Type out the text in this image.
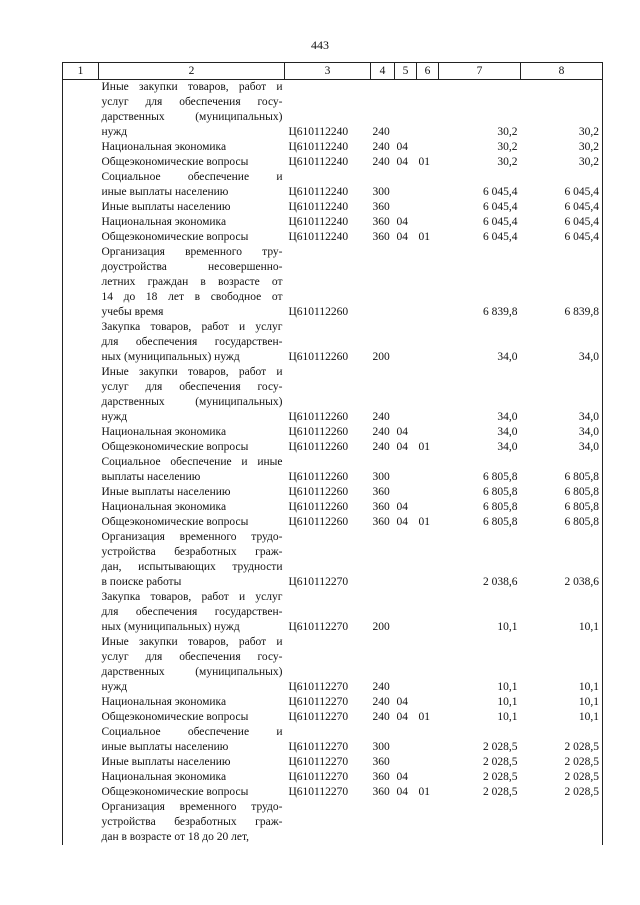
443
1	2	3	4	5	6	7	8

	Иные закупки товаров, работ и
услуг для обеспечения госу-
дарственных (муниципальных)
нужд	Ц610112240	240			30,2	30,2

	Национальная экономика	Ц610112240	240	04		30,2	30,2

	Общеэкономические вопросы	Ц610112240	240	04	01	30,2	30,2

	Социальное обеспечение и
иные выплаты населению	Ц610112240	300			6 045,4	6 045,4

	Иные выплаты населению	Ц610112240	360			6 045,4	6 045,4

	Национальная экономика	Ц610112240	360	04		6 045,4	6 045,4

	Общеэкономические вопросы	Ц610112240	360	04	01	6 045,4	6 045,4

	Организация временного тру-
доустройства несовершенно-
летних граждан в возрасте от
14 до 18 лет в свободное от
учебы время	Ц610112260				6 839,8	6 839,8

	Закупка товаров, работ и услуг
для обеспечения государствен-
ных (муниципальных) нужд	Ц610112260	200			34,0	34,0

	Иные закупки товаров, работ и
услуг для обеспечения госу-
дарственных (муниципальных)
нужд	Ц610112260	240			34,0	34,0

	Национальная экономика	Ц610112260	240	04		34,0	34,0

	Общеэкономические вопросы	Ц610112260	240	04	01	34,0	34,0

	Социальное обеспечение и иные
выплаты населению	Ц610112260	300			6 805,8	6 805,8

	Иные выплаты населению	Ц610112260	360			6 805,8	6 805,8

	Национальная экономика	Ц610112260	360	04		6 805,8	6 805,8

	Общеэкономические вопросы	Ц610112260	360	04	01	6 805,8	6 805,8

	Организация временного трудо-
устройства безработных граж-
дан, испытывающих трудности
в поиске работы	Ц610112270				2 038,6	2 038,6

	Закупка товаров, работ и услуг
для обеспечения государствен-
ных (муниципальных) нужд	Ц610112270	200			10,1	10,1

	Иные закупки товаров, работ и
услуг для обеспечения госу-
дарственных (муниципальных)
нужд	Ц610112270	240			10,1	10,1

	Национальная экономика	Ц610112270	240	04		10,1	10,1

	Общеэкономические вопросы	Ц610112270	240	04	01	10,1	10,1

	Социальное обеспечение и
иные выплаты населению	Ц610112270	300			2 028,5	2 028,5

	Иные выплаты населению	Ц610112270	360			2 028,5	2 028,5

	Национальная экономика	Ц610112270	360	04		2 028,5	2 028,5

	Общеэкономические вопросы	Ц610112270	360	04	01	2 028,5	2 028,5

	Организация временного трудо-
устройства безработных граж-
дан в возрасте от 18 до 20 лет,						
